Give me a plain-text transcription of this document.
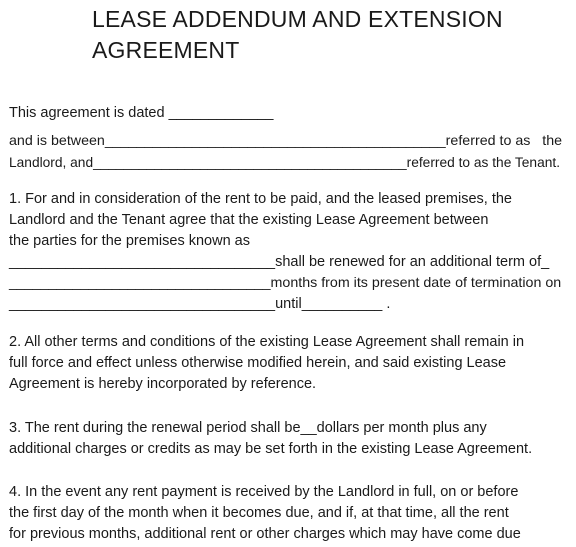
LEASE ADDENDUM AND EXTENSION
AGREEMENT
This agreement is dated _____________
and is between___________________________________________referred to as   the
Landlord, and_________________________________________referred to as the Tenant.
1. For and in consideration of the rent to be paid, and the leased premises, the
Landlord and the Tenant agree that the existing Lease Agreement between
the parties for the premises known as
_________________________________shall be renewed for an additional term of_
_________________________________months from its present date of termination on
_________________________________until__________ .
2. All other terms and conditions of the existing Lease Agreement shall remain in
full force and effect unless otherwise modified herein, and said existing Lease
Agreement is hereby incorporated by reference.
3. The rent during the renewal period shall be__dollars per month plus any
additional charges or credits as may be set forth in the existing Lease Agreement.
4. In the event any rent payment is received by the Landlord in full, on or before
the first day of the month when it becomes due, and if, at that time, all the rent
for previous months, additional rent or other charges which may have come due
